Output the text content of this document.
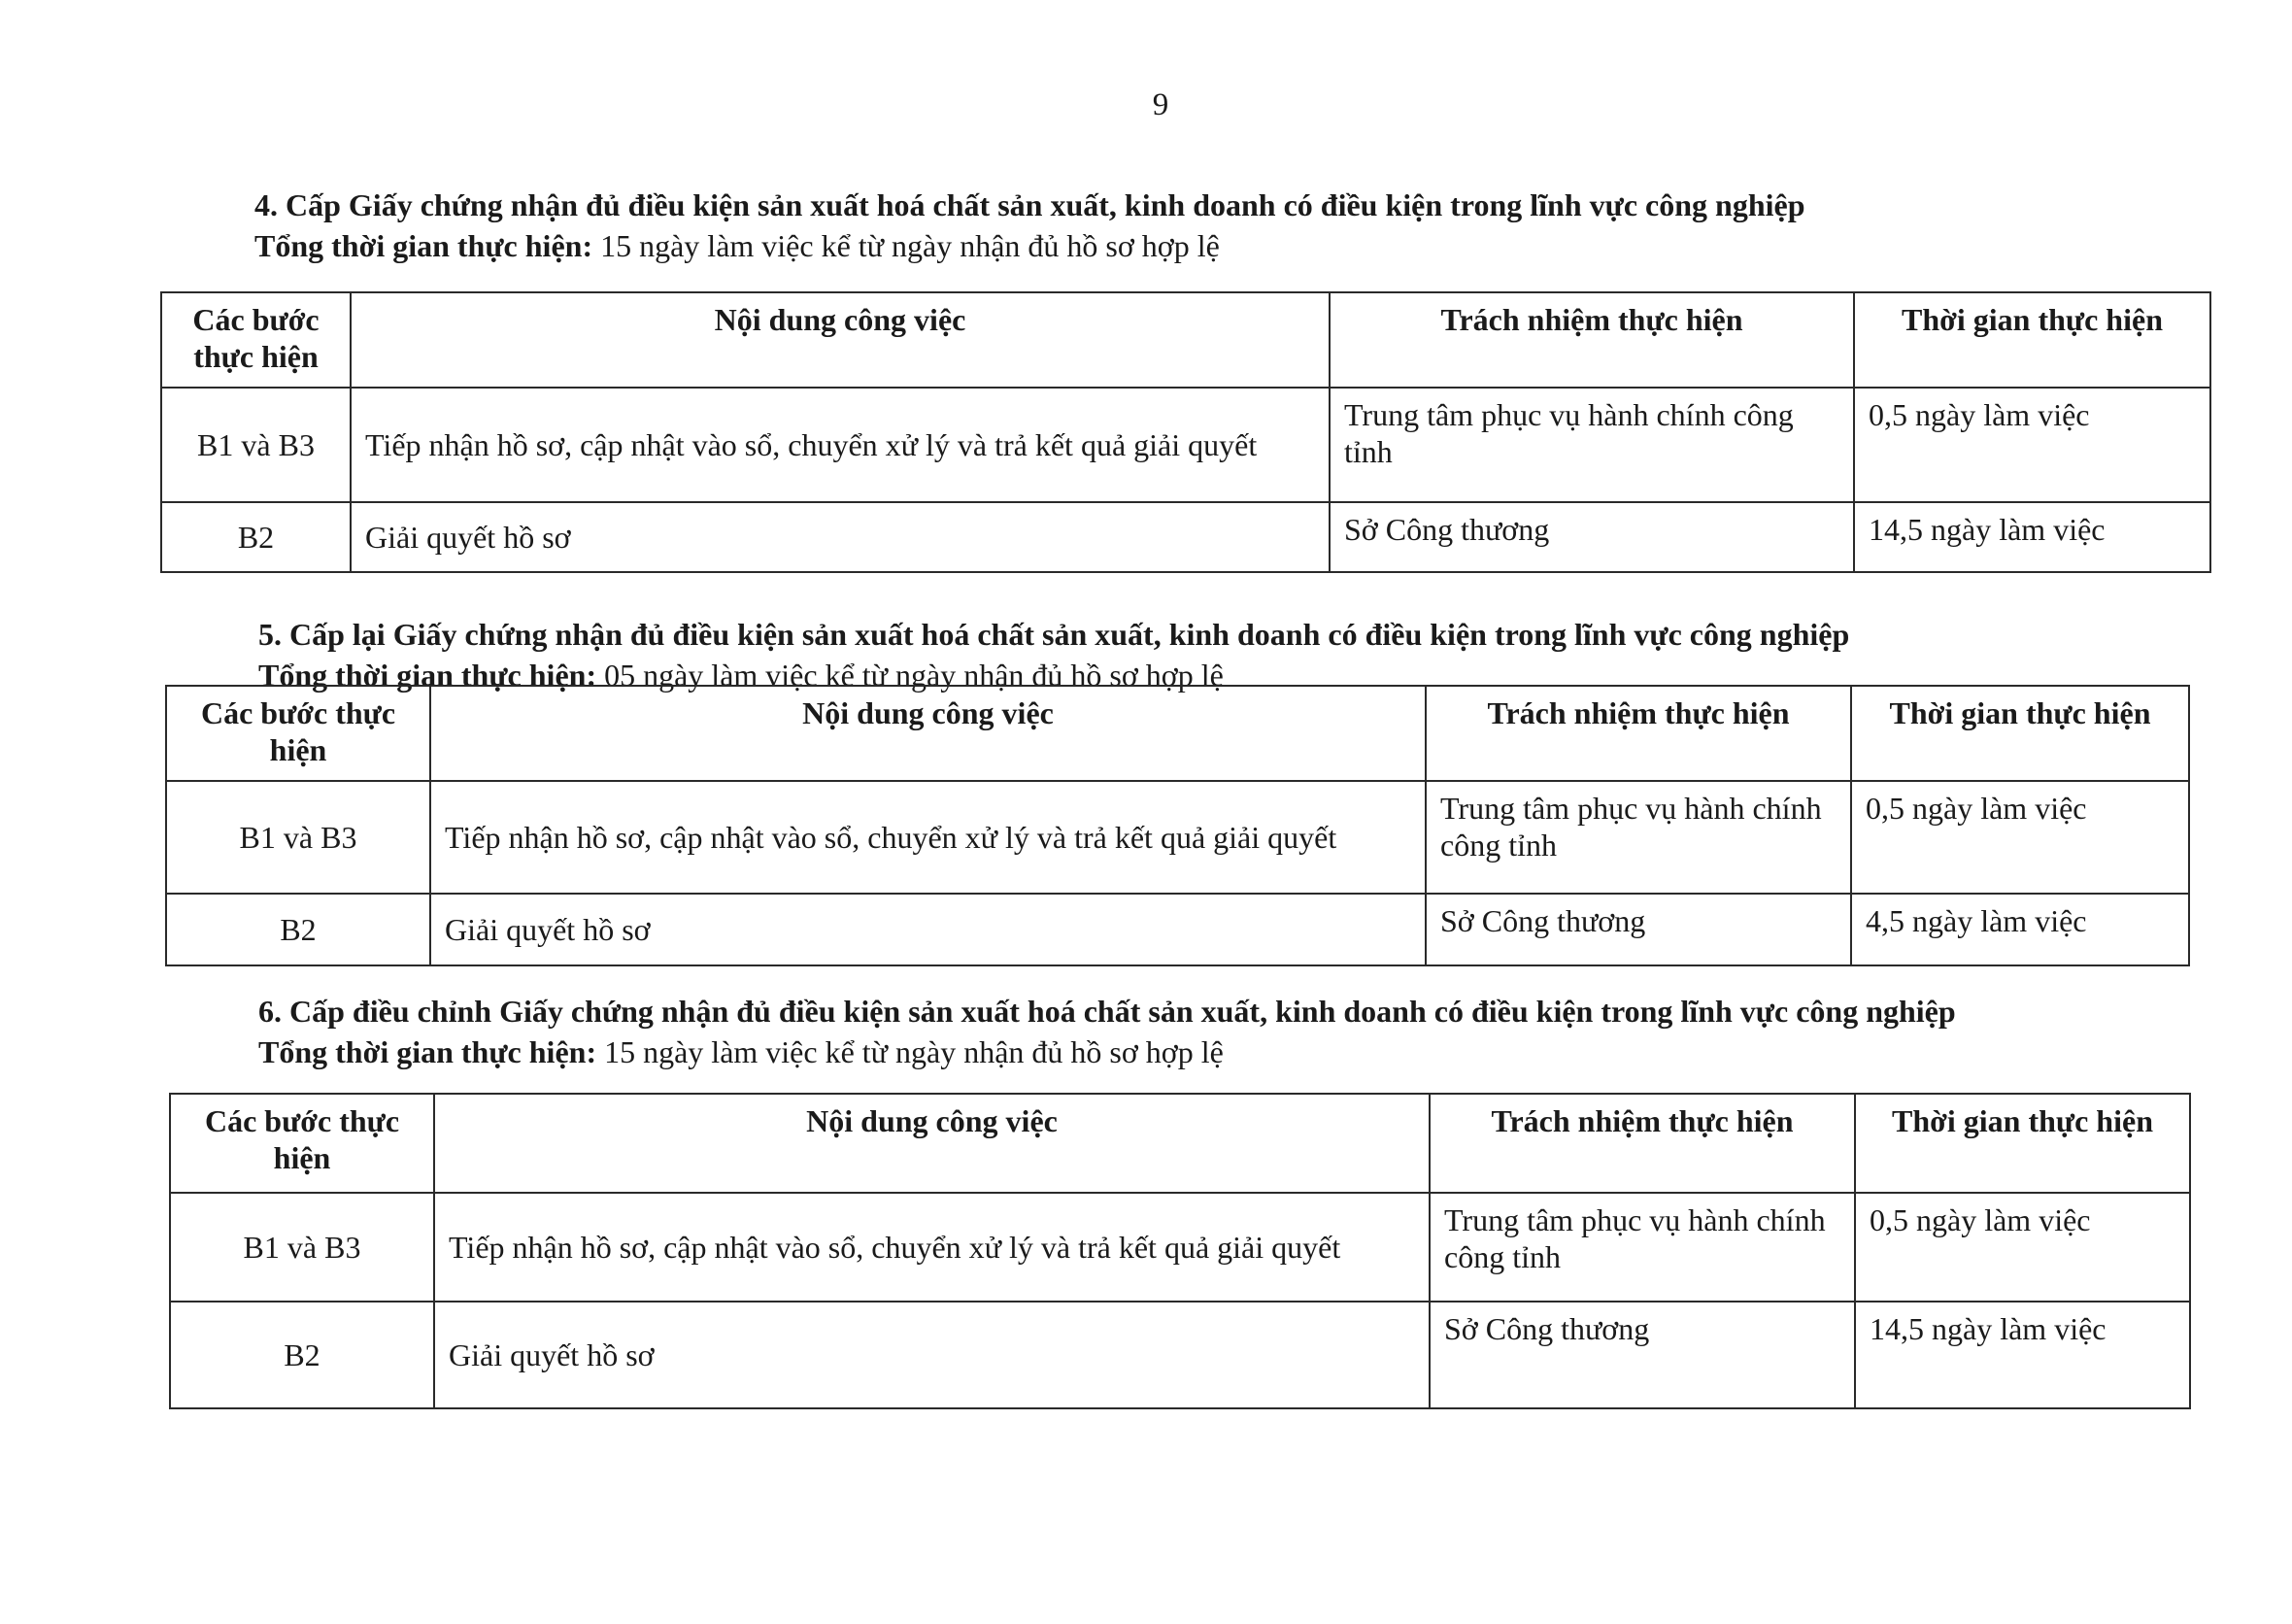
9
4. Cấp Giấy chứng nhận đủ điều kiện sản xuất hoá chất sản xuất, kinh doanh có điều kiện trong lĩnh vực công nghiệp
Tổng thời gian thực hiện: 15 ngày làm việc kể từ ngày nhận đủ hồ sơ hợp lệ
Các bước thực hiện	Nội dung công việc	Trách nhiệm thực hiện	Thời gian thực hiện
B1 và B3	Tiếp nhận hồ sơ, cập nhật vào sổ, chuyển xử lý và trả kết quả giải quyết	Trung tâm phục vụ hành chính công tỉnh	0,5 ngày làm việc
B2	Giải quyết hồ sơ	Sở Công thương	14,5 ngày làm việc
5. Cấp lại Giấy chứng nhận đủ điều kiện sản xuất hoá chất sản xuất, kinh doanh có điều kiện trong lĩnh vực công nghiệp
Tổng thời gian thực hiện: 05 ngày làm việc kể từ ngày nhận đủ hồ sơ hợp lệ
Các bước thực hiện	Nội dung công việc	Trách nhiệm thực hiện	Thời gian thực hiện
B1 và B3	Tiếp nhận hồ sơ, cập nhật vào sổ, chuyển xử lý và trả kết quả giải quyết	Trung tâm phục vụ hành chính công tỉnh	0,5 ngày làm việc
B2	Giải quyết hồ sơ	Sở Công thương	4,5 ngày làm việc
6. Cấp điều chỉnh Giấy chứng nhận đủ điều kiện sản xuất hoá chất sản xuất, kinh doanh có điều kiện trong lĩnh vực công nghiệp
Tổng thời gian thực hiện: 15 ngày làm việc kể từ ngày nhận đủ hồ sơ hợp lệ
Các bước thực hiện	Nội dung công việc	Trách nhiệm thực hiện	Thời gian thực hiện
B1 và B3	Tiếp nhận hồ sơ, cập nhật vào sổ, chuyển xử lý và trả kết quả giải quyết	Trung tâm phục vụ hành chính công tỉnh	0,5 ngày làm việc
B2	Giải quyết hồ sơ	Sở Công thương	14,5 ngày làm việc
